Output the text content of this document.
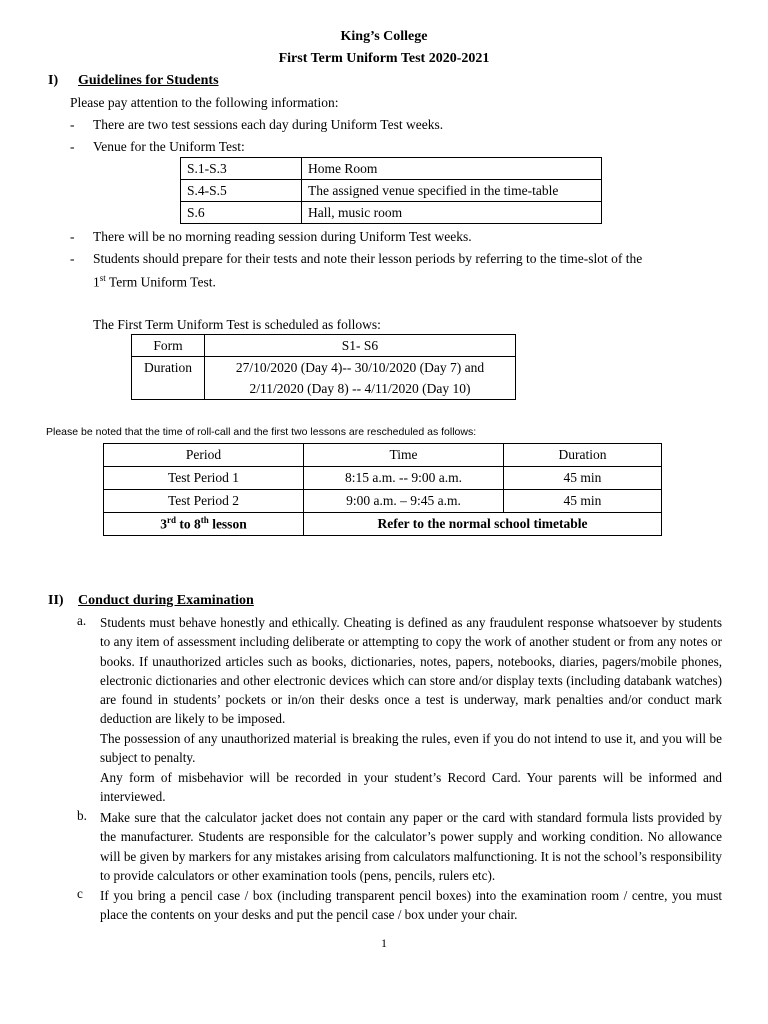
King’s College
First Term Uniform Test 2020-2021
I) Guidelines for Students
Please pay attention to the following information:
- There are two test sessions each day during Uniform Test weeks.
- Venue for the Uniform Test:
S.1-S.3	Home Room
S.4-S.5	The assigned venue specified in the time-table
S.6	Hall, music room
- There will be no morning reading session during Uniform Test weeks.
- Students should prepare for their tests and note their lesson periods by referring to the time-slot of the
1st Term Uniform Test.
The First Term Uniform Test is scheduled as follows:
Form	S1- S6
Duration	27/10/2020 (Day 4)-- 30/10/2020 (Day 7) and
2/11/2020 (Day 8) -- 4/11/2020 (Day 10)
Please be noted that the time of roll-call and the first two lessons are rescheduled as follows:
Period	Time	Duration
Test Period 1	8:15 a.m. -- 9:00 a.m.	45 min
Test Period 2	9:00 a.m. – 9:45 a.m.	45 min
3rd to 8th lesson	Refer to the normal school timetable	
II) Conduct during Examination
a. Students must behave honestly and ethically. Cheating is defined as any fraudulent response whatsoever by students to any item of assessment including deliberate or attempting to copy the work of another student or from any notes or books. If unauthorized articles such as books, dictionaries, notes, papers, notebooks, diaries, pagers/mobile phones, electronic dictionaries and other electronic devices which can store and/or display texts (including databank watches) are found in students’ pockets or in/on their desks once a test is underway, mark penalties and/or conduct mark deduction are likely to be imposed.
The possession of any unauthorized material is breaking the rules, even if you do not intend to use it, and you will be subject to penalty.
Any form of misbehavior will be recorded in your student’s Record Card. Your parents will be informed and interviewed.
b. Make sure that the calculator jacket does not contain any paper or the card with standard formula lists provided by the manufacturer. Students are responsible for the calculator’s power supply and working condition. No allowance will be given by markers for any mistakes arising from calculators malfunctioning. It is not the school’s responsibility to provide calculators or other examination tools (pens, pencils, rulers etc).
c If you bring a pencil case / box (including transparent pencil boxes) into the examination room / centre, you must place the contents on your desks and put the pencil case / box under your chair.
1
